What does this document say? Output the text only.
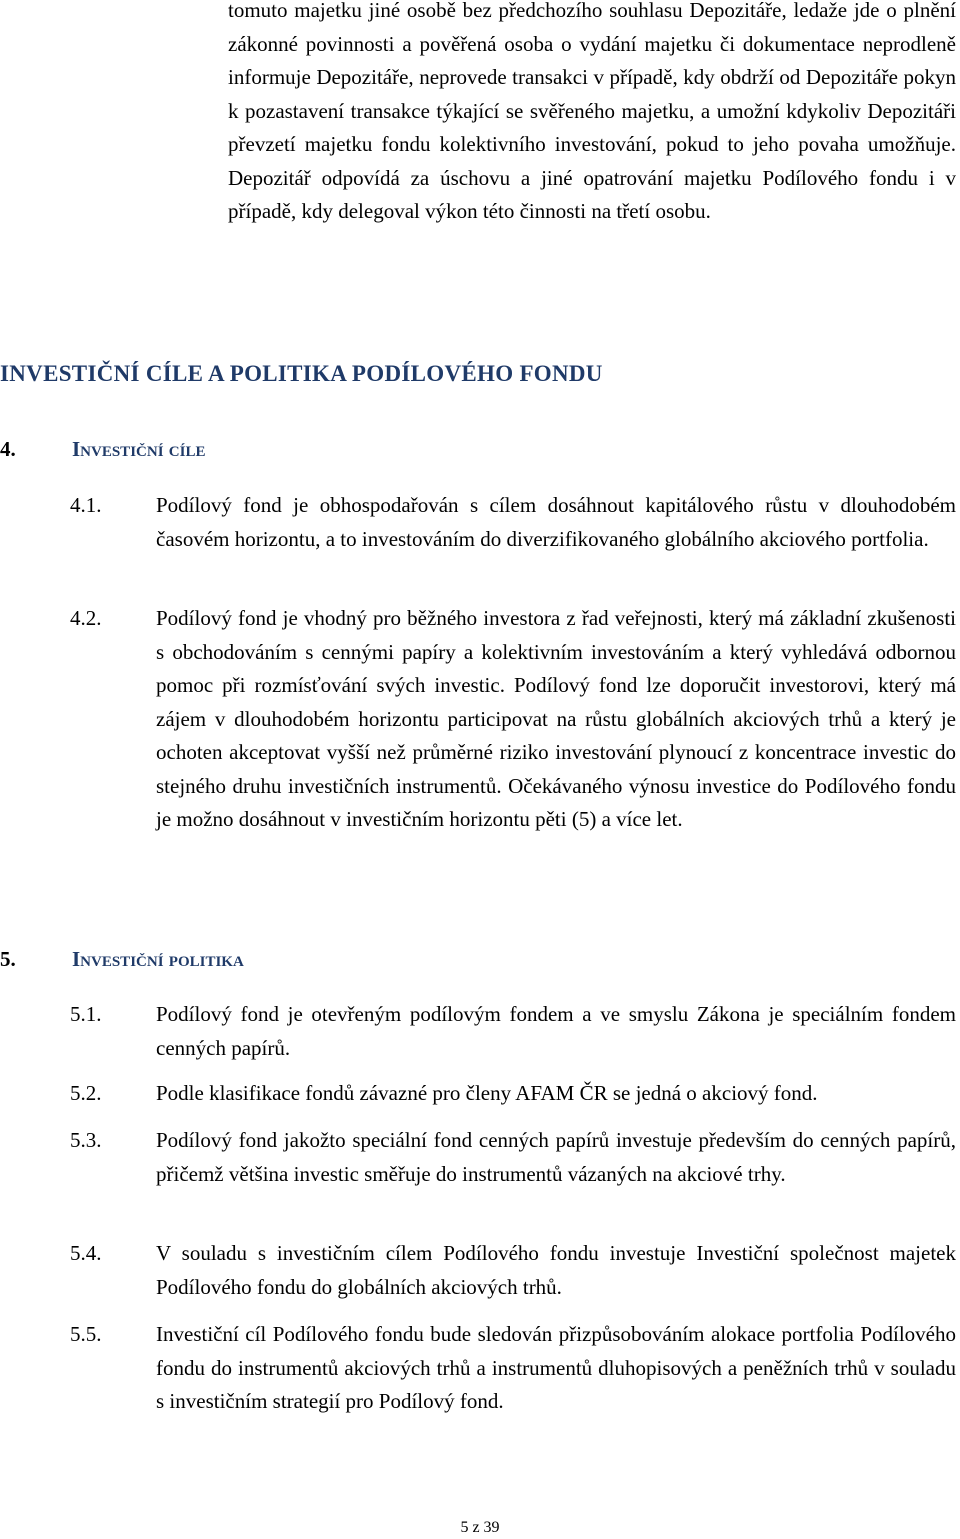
tomuto majetku jiné osobě bez předchozího souhlasu Depozitáře, ledaže jde o plnění zákonné povinnosti a pověřená osoba o vydání majetku či dokumentace neprodleně informuje Depozitáře, neprovede transakci v případě, kdy obdrží od Depozitáře pokyn k pozastavení transakce týkající se svěřeného majetku, a umožní kdykoliv Depozitáři převzetí majetku fondu kolektivního investování, pokud to jeho povaha umožňuje. Depozitář odpovídá za úschovu a jiné opatrování majetku Podílového fondu i v případě, kdy delegoval výkon této činnosti na třetí osobu.

INVESTIČNÍ CÍLE A POLITIKA PODÍLOVÉHO FONDU
4.	Investiční cíle
4.1.	Podílový fond je obhospodařován s cílem dosáhnout kapitálového růstu v dlouhodobém časovém horizontu, a to investováním do diverzifikovaného globálního akciového portfolia.

4.2.	Podílový fond je vhodný pro běžného investora z řad veřejnosti, který má základní zkušenosti s obchodováním s cennými papíry a kolektivním investováním a který vyhledává odbornou pomoc při rozmísťování svých investic. Podílový fond lze doporučit investorovi, který má zájem v dlouhodobém horizontu participovat na růstu globálních akciových trhů a který je ochoten akceptovat vyšší než průměrné riziko investování plynoucí z koncentrace investic do stejného druhu investičních instrumentů. Očekávaného výnosu investice do Podílového fondu je možno dosáhnout v investičním horizontu pěti (5) a více let.

5.	Investiční politika
5.1.	Podílový fond je otevřeným podílovým fondem a ve smyslu Zákona je speciálním fondem cenných papírů.

5.2.	Podle klasifikace fondů závazné pro členy AFAM ČR se jedná o akciový fond.

5.3.	Podílový fond jakožto speciální fond cenných papírů investuje především do cenných papírů, přičemž většina investic směřuje do instrumentů vázaných na akciové trhy.

5.4.	V souladu s investičním cílem Podílového fondu investuje Investiční společnost majetek Podílového fondu do globálních akciových trhů.

5.5.	Investiční cíl Podílového fondu bude sledován přizpůsobováním alokace portfolia Podílového fondu do instrumentů akciových trhů a instrumentů dluhopisových a peněžních trhů v souladu s investičním strategií pro Podílový fond.

5 z 39
